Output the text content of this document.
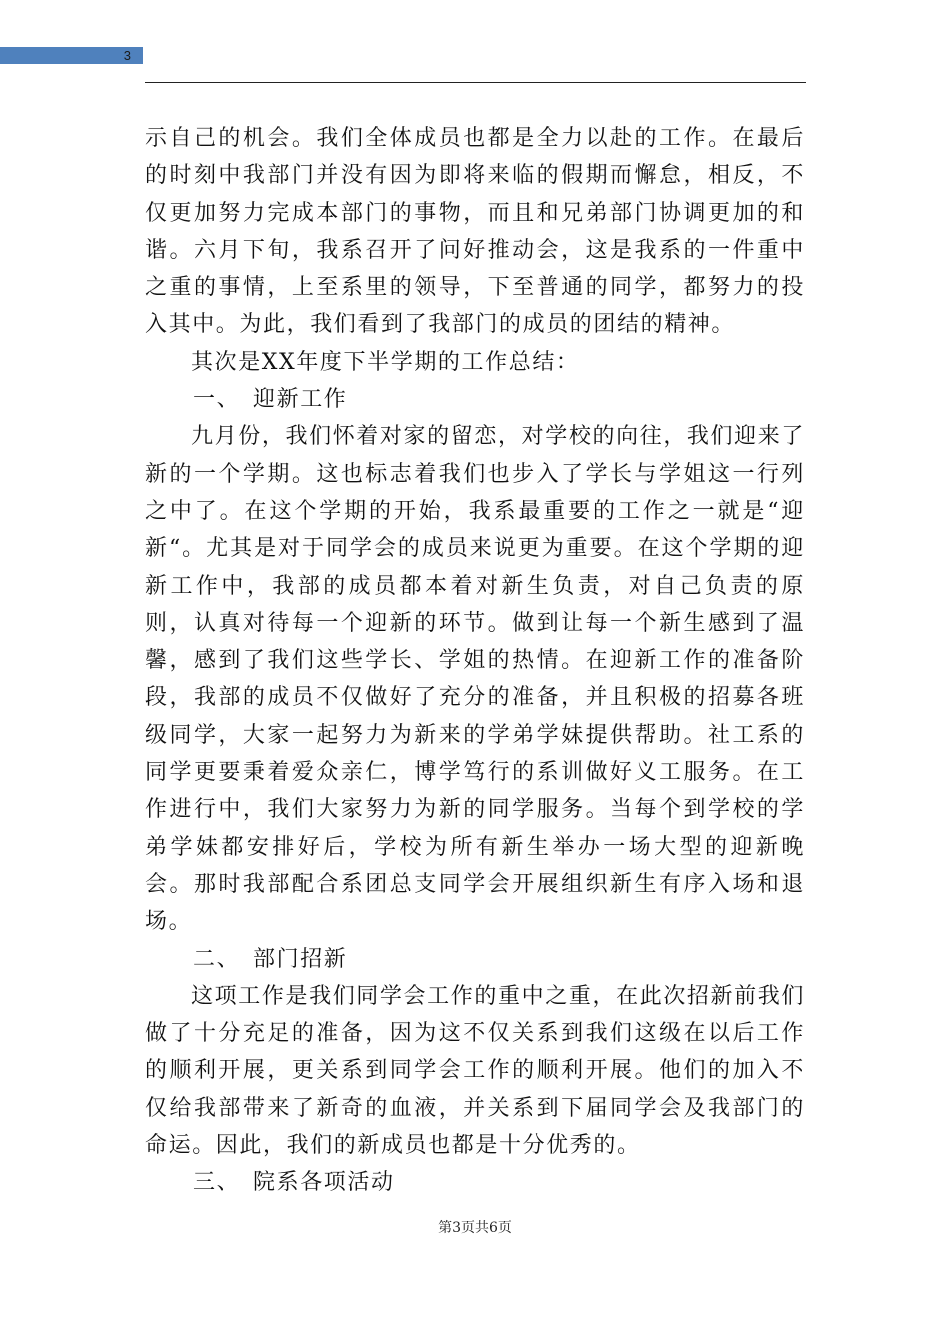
3

示自己的机会。我们全体成员也都是全力以赴的工作。在最后的时刻中我部门并没有因为即将来临的假期而懈怠，相反，不仅更加努力完成本部门的事物，而且和兄弟部门协调更加的和谐。六月下旬，我系召开了问好推动会，这是我系的一件重中之重的事情，上至系里的领导，下至普通的同学，都努力的投入其中。为此，我们看到了我部门的成员的团结的精神。

其次是XX年度下半学期的工作总结：

一、 迎新工作

九月份，我们怀着对家的留恋，对学校的向往，我们迎来了新的一个学期。这也标志着我们也步入了学长与学姐这一行列之中了。在这个学期的开始，我系最重要的工作之一就是“迎新“。尤其是对于同学会的成员来说更为重要。在这个学期的迎新工作中，我部的成员都本着对新生负责，对自己负责的原则，认真对待每一个迎新的环节。做到让每一个新生感到了温馨，感到了我们这些学长、学姐的热情。在迎新工作的准备阶段，我部的成员不仅做好了充分的准备，并且积极的招募各班级同学，大家一起努力为新来的学弟学妹提供帮助。社工系的同学更要秉着爱众亲仁，博学笃行的系训做好义工服务。在工作进行中，我们大家努力为新的同学服务。当每个到学校的学弟学妹都安排好后，学校为所有新生举办一场大型的迎新晚会。那时我部配合系团总支同学会开展组织新生有序入场和退场。

二、 部门招新

这项工作是我们同学会工作的重中之重，在此次招新前我们做了十分充足的准备，因为这不仅关系到我们这级在以后工作的顺利开展，更关系到同学会工作的顺利开展。他们的加入不仅给我部带来了新奇的血液，并关系到下届同学会及我部门的命运。因此，我们的新成员也都是十分优秀的。

三、 院系各项活动

第3页共6页
